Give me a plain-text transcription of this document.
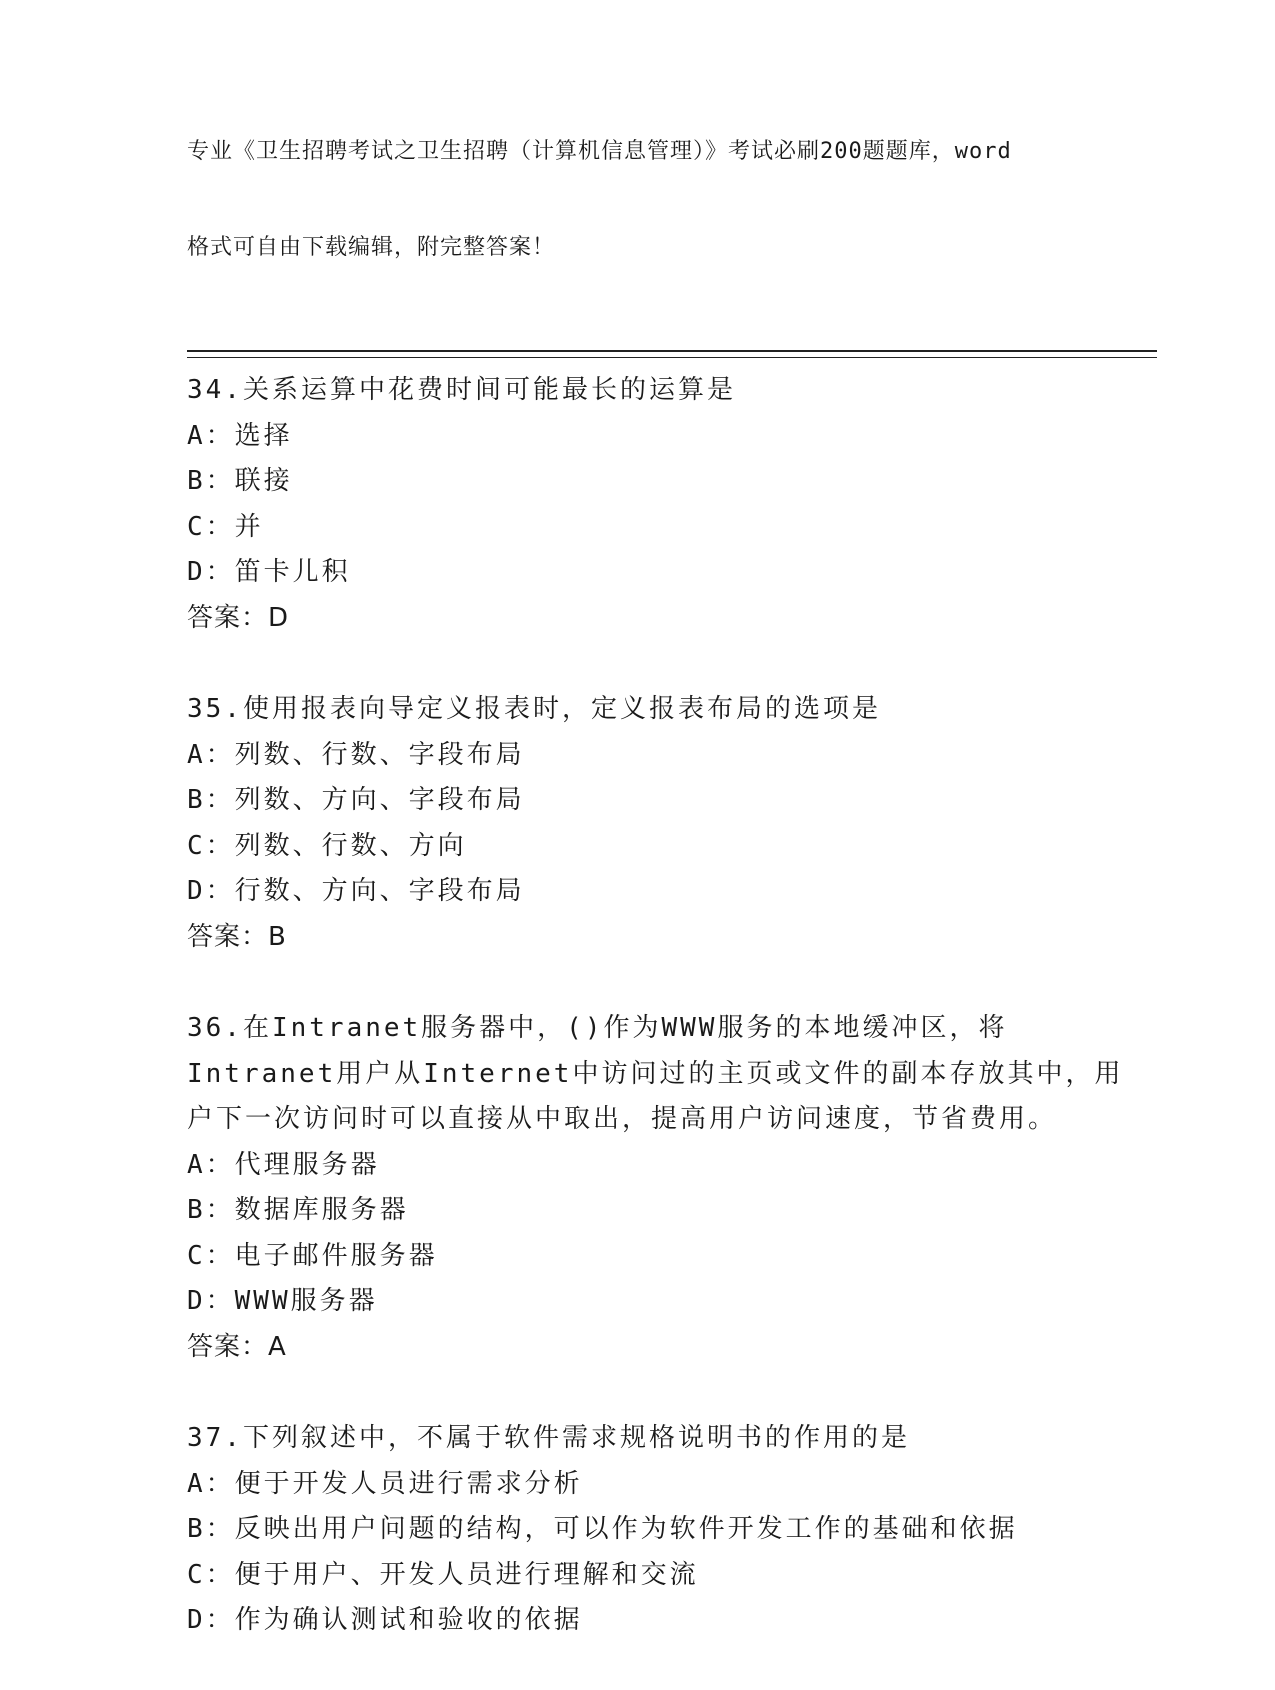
专业《卫生招聘考试之卫生招聘（计算机信息管理）》考试必刷200题题库，word

格式可自由下载编辑，附完整答案！

34.关系运算中花费时间可能最长的运算是
A：选择
B：联接
C：并
D：笛卡儿积
答案：D
35.使用报表向导定义报表时，定义报表布局的选项是
A：列数、行数、字段布局
B：列数、方向、字段布局
C：列数、行数、方向
D：行数、方向、字段布局
答案：B
36.在Intranet服务器中，()作为WWW服务的本地缓冲区，将
Intranet用户从Internet中访问过的主页或文件的副本存放其中，用
户下一次访问时可以直接从中取出，提高用户访问速度，节省费用。
A：代理服务器
B：数据库服务器
C：电子邮件服务器
D：WWW服务器
答案：A
37.下列叙述中，不属于软件需求规格说明书的作用的是
A：便于开发人员进行需求分析
B：反映出用户问题的结构，可以作为软件开发工作的基础和依据
C：便于用户、开发人员进行理解和交流
D：作为确认测试和验收的依据
